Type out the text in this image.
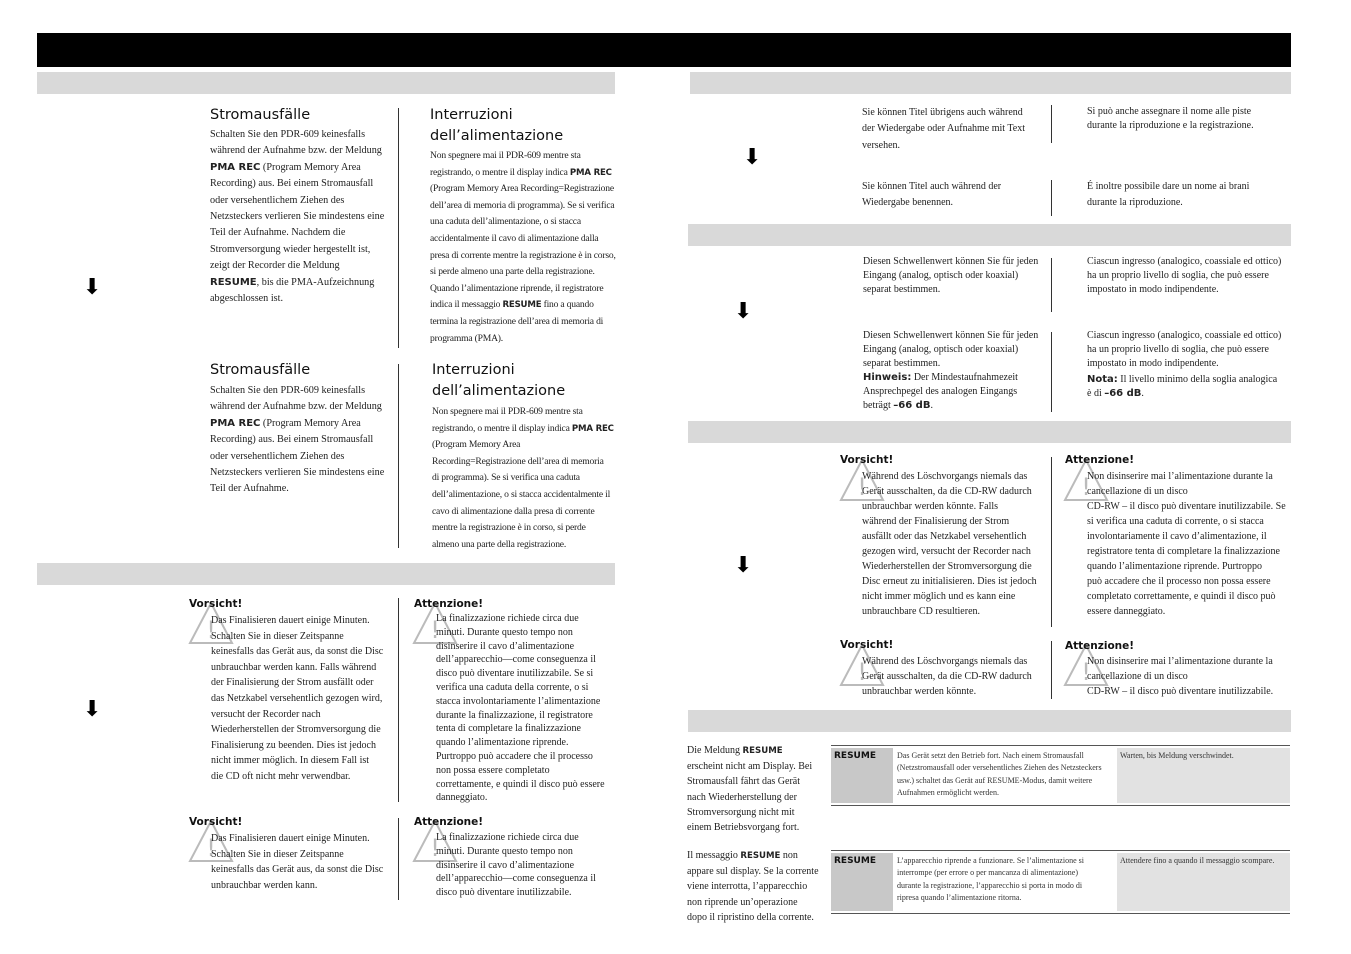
Stromausfälle
Schalten Sie den PDR-609 keinesfalls
während der Aufnahme bzw. der Meldung
PMA REC (Program Memory Area
Recording) aus. Bei einem Stromausfall
oder versehentlichem Ziehen des
Netzsteckers verlieren Sie mindestens eine
Teil der Aufnahme. Nachdem die
Stromversorgung wieder hergestellt ist,
zeigt der Recorder die Meldung
RESUME, bis die PMA-Aufzeichnung
abgeschlossen ist.
Interruzioni
dell’alimentazione
Non spegnere mai il PDR-609 mentre sta
registrando, o mentre il display indica PMA REC
(Program Memory Area Recording=Registrazione
dell’area di memoria di programma). Se si verifica
una caduta dell’alimentazione, o si stacca
accidentalmente il cavo di alimentazione dalla
presa di corrente mentre la registrazione è in corso,
si perde almeno una parte della registrazione.
Quando l’alimentazione riprende, il registratore
indica il messaggio RESUME fino a quando
termina la registrazione dell’area di memoria di
programma (PMA).
⬇
Stromausfälle
Schalten Sie den PDR-609 keinesfalls
während der Aufnahme bzw. der Meldung
PMA REC (Program Memory Area
Recording) aus. Bei einem Stromausfall
oder versehentlichem Ziehen des
Netzsteckers verlieren Sie mindestens eine
Teil der Aufnahme.
Interruzioni
dell’alimentazione
Non spegnere mai il PDR-609 mentre sta
registrando, o mentre il display indica PMA REC
(Program Memory Area
Recording=Registrazione dell’area di memoria
di programma). Se si verifica una caduta
dell’alimentazione, o si stacca accidentalmente il
cavo di alimentazione dalla presa di corrente
mentre la registrazione è in corso, si perde
almeno una parte della registrazione.
!
Vorsicht!
Das Finalisieren dauert einige Minuten.
Schalten Sie in dieser Zeitspanne
keinesfalls das Gerät aus, da sonst die Disc
unbrauchbar werden kann. Falls während
der Finalisierung der Strom ausfällt oder
das Netzkabel versehentlich gezogen wird,
versucht der Recorder nach
Wiederherstellen der Stromversorgung die
Finalisierung zu beenden. Dies ist jedoch
nicht immer möglich. In diesem Fall ist
die CD oft nicht mehr verwendbar.
!
Attenzione!
La finalizzazione richiede circa due
minuti. Durante questo tempo non
disinserire il cavo d’alimentazione
dell’apparecchio—come conseguenza il
disco può diventare inutilizzabile. Se si
verifica una caduta della corrente, o si
stacca involontariamente l’alimentazione
durante la finalizzazione, il registratore
tenta di completare la finalizzazione
quando l’alimentazione riprende.
Purtroppo può accadere che il processo
non possa essere completato
correttamente, e quindi il disco può essere
danneggiato.
⬇
!
Vorsicht!
Das Finalisieren dauert einige Minuten.
Schalten Sie in dieser Zeitspanne
keinesfalls das Gerät aus, da sonst die Disc
unbrauchbar werden kann.
!
Attenzione!
La finalizzazione richiede circa due
minuti. Durante questo tempo non
disinserire il cavo d’alimentazione
dell’apparecchio—come conseguenza il
disco può diventare inutilizzabile.
Sie können Titel übrigens auch während
der Wiedergabe oder Aufnahme mit Text
versehen.
Si può anche assegnare il nome alle piste
durante la riproduzione e la registrazione.
⬇
Sie können Titel auch während der
Wiedergabe benennen.
É inoltre possibile dare un nome ai brani
durante la riproduzione.
Diesen Schwellenwert können Sie für jeden
Eingang (analog, optisch oder koaxial)
separat bestimmen.
Ciascun ingresso (analogico, coassiale ed ottico)
ha un proprio livello di soglia, che può essere
impostato in modo indipendente.
⬇
Diesen Schwellenwert können Sie für jeden
Eingang (analog, optisch oder koaxial)
separat bestimmen.
Hinweis: Der Mindestaufnahmezeit
Ansprechpegel des analogen Eingangs
beträgt –66 dB.
Ciascun ingresso (analogico, coassiale ed ottico)
ha un proprio livello di soglia, che può essere
impostato in modo indipendente.
Nota: Il livello minimo della soglia analogica
è di –66 dB.
!
Vorsicht!
Während des Löschvorgangs niemals das
Gerät ausschalten, da die CD-RW dadurch
unbrauchbar werden könnte. Falls
während der Finalisierung der Strom
ausfällt oder das Netzkabel versehentlich
gezogen wird, versucht der Recorder nach
Wiederherstellen der Stromversorgung die
Disc erneut zu initialisieren. Dies ist jedoch
nicht immer möglich und es kann eine
unbrauchbare CD resultieren.
!
Attenzione!
Non disinserire mai l’alimentazione durante la
cancellazione di un disco
CD-RW – il disco può diventare inutilizzabile. Se
si verifica una caduta di corrente, o si stacca
involontariamente il cavo d’alimentazione, il
registratore tenta di completare la finalizzazione
quando l’alimentazione riprende. Purtroppo
può accadere che il processo non possa essere
completato correttamente, e quindi il disco può
essere danneggiato.
⬇
!
Vorsicht!
Während des Löschvorgangs niemals das
Gerät ausschalten, da die CD-RW dadurch
unbrauchbar werden könnte.
!
Attenzione!
Non disinserire mai l’alimentazione durante la
cancellazione di un disco
CD-RW – il disco può diventare inutilizzabile.
Die Meldung RESUME
erscheint nicht am Display. Bei
Stromausfall fährt das Gerät
nach Wiederherstellung der
Stromversorgung nicht mit
einem Betriebsvorgang fort.
RESUME	Das Gerät setzt den Betrieb fort. Nach einem Stromausfall
(Netzstromausfall oder versehentliches Ziehen des Netzsteckers
usw.) schaltet das Gerät auf RESUME-Modus, damit weitere
Aufnahmen ermöglicht werden.
Warten, bis Meldung verschwindet.
Il messaggio RESUME non
appare sul display. Se la corrente
viene interrotta, l’apparecchio
non riprende un’operazione
dopo il ripristino della corrente.
RESUME	L’apparecchio riprende a funzionare. Se l’alimentazione si
interrompe (per errore o per mancanza di alimentazione)
durante la registrazione, l’apparecchio si porta in modo di
ripresa quando l’alimentazione ritorna.
Attendere fino a quando il messaggio scompare.
